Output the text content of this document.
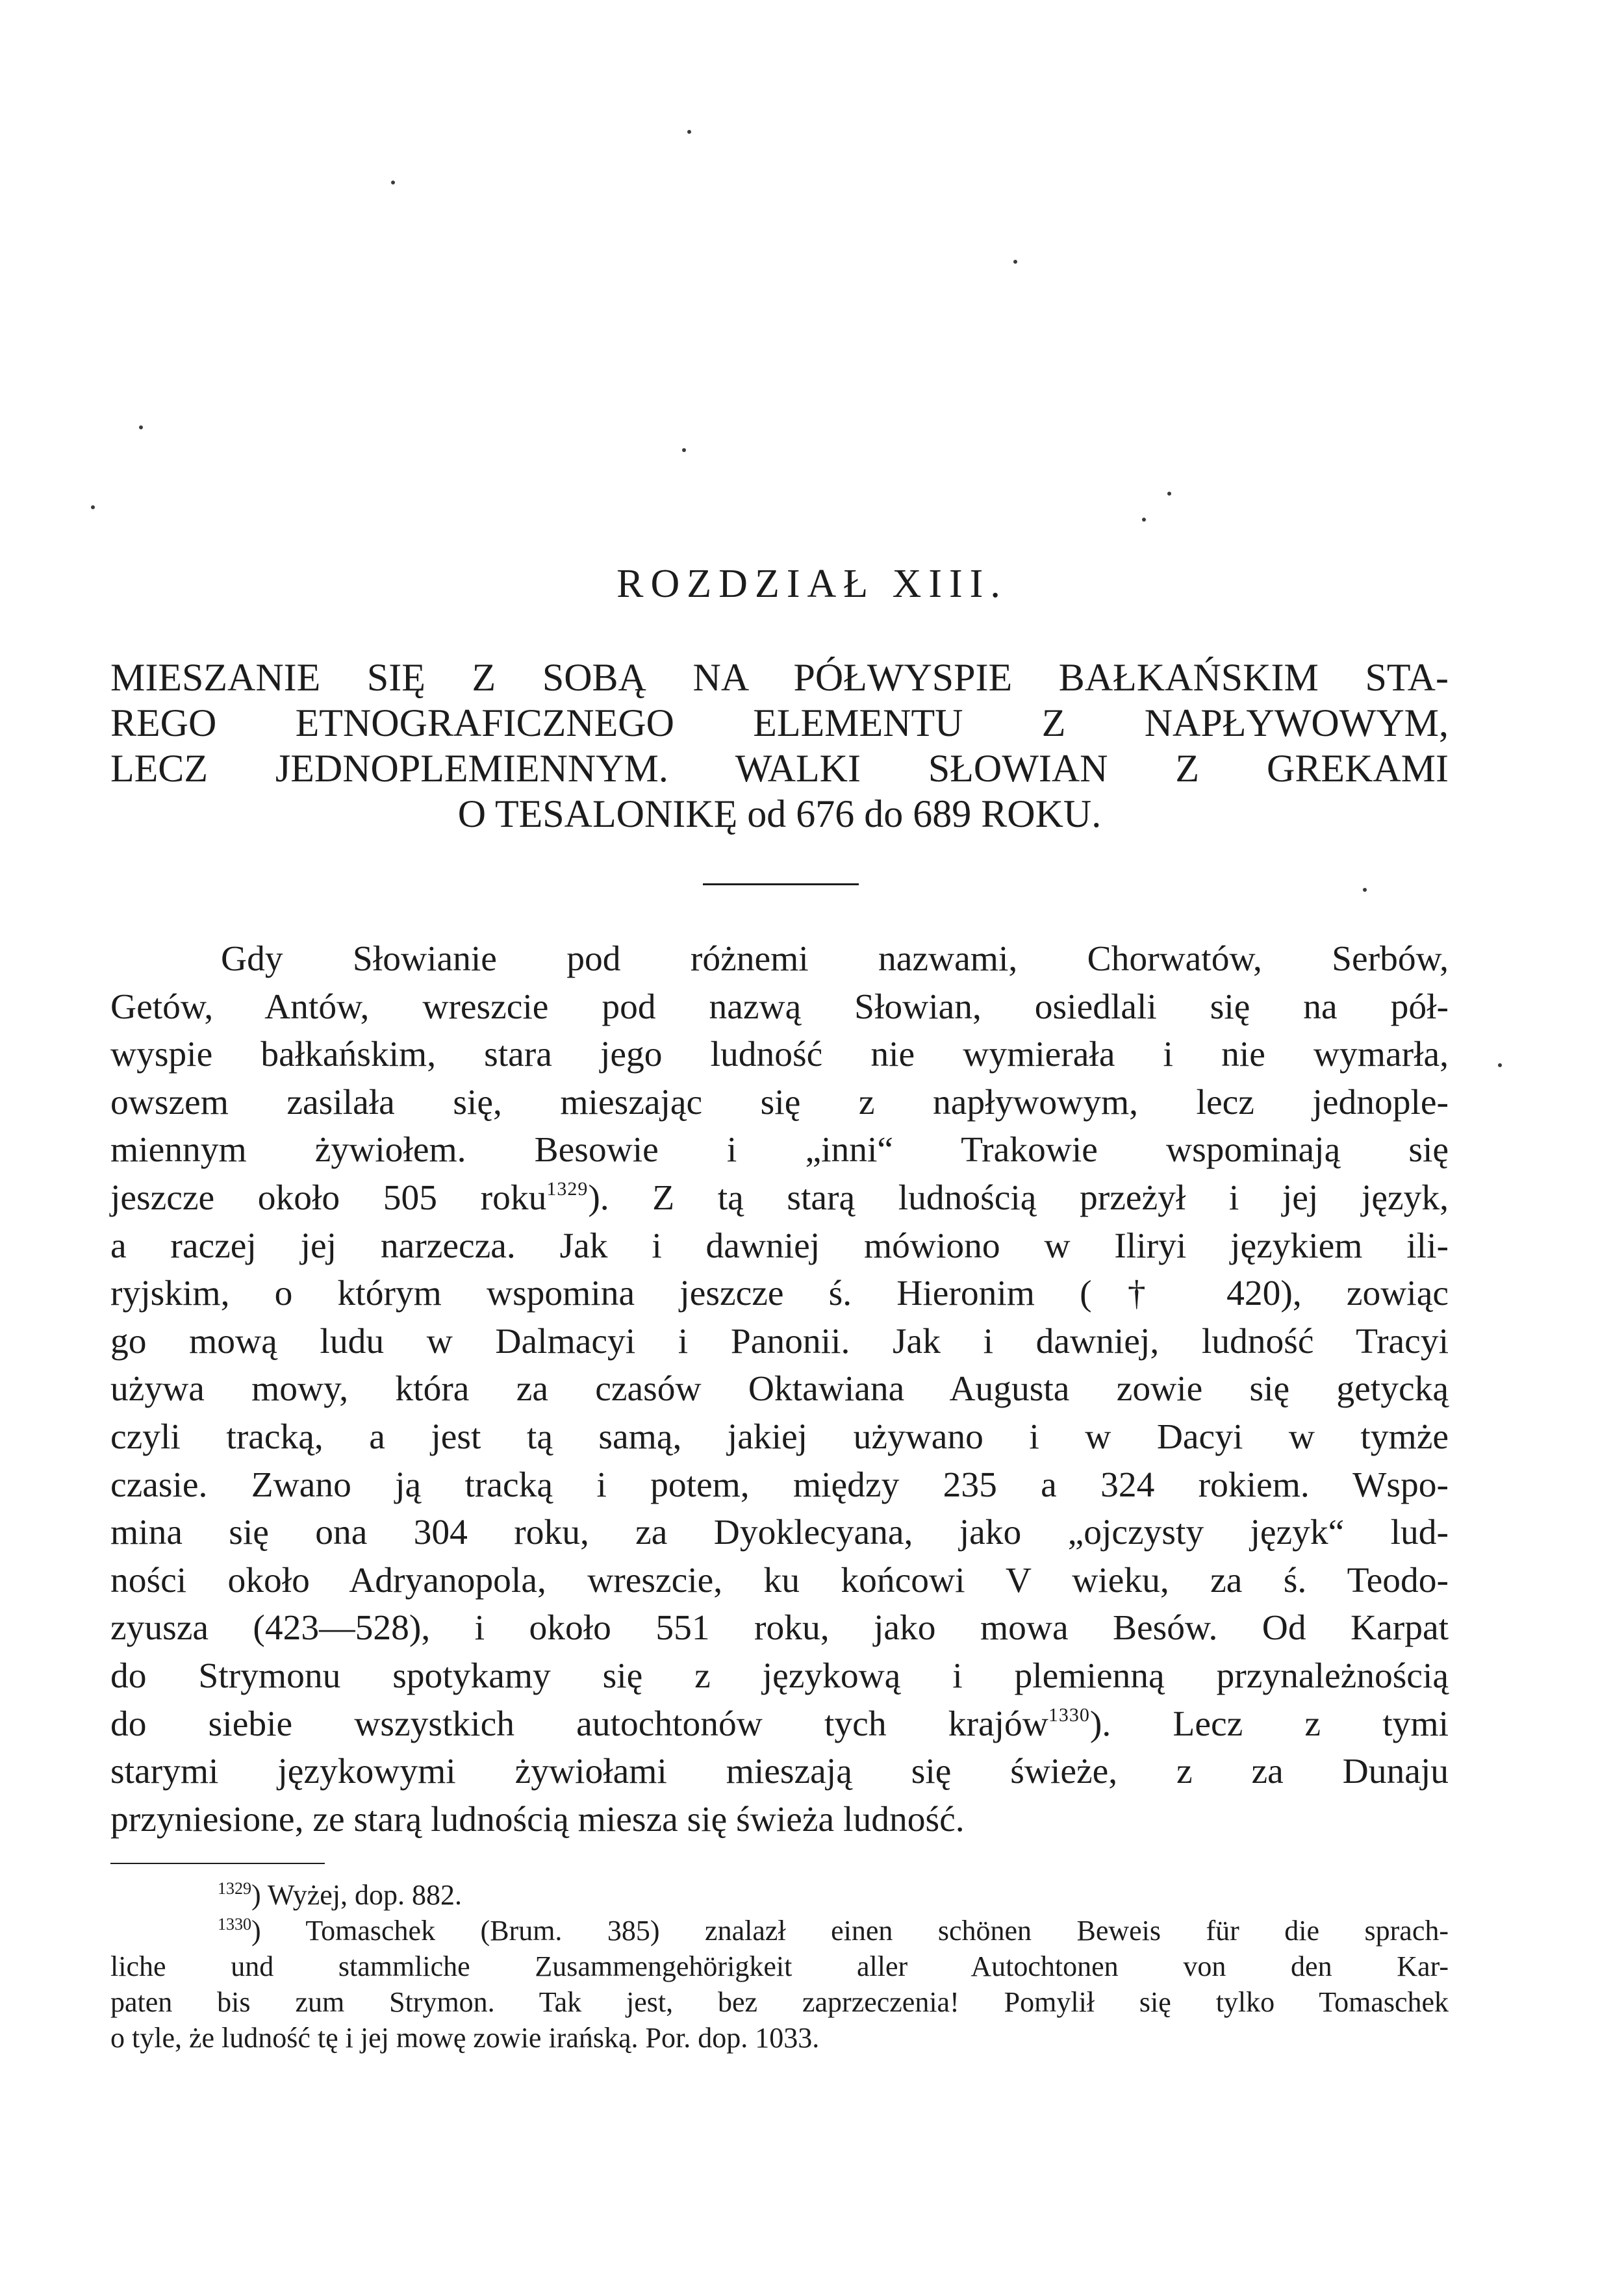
ROZDZIAŁ XIII.
MIESZANIE SIĘ Z SOBĄ NA PÓŁWYSPIE BAŁKAŃSKIM STA-
REGO ETNOGRAFICZNEGO ELEMENTU Z NAPŁYWOWYM,
LECZ JEDNOPLEMIENNYM. WALKI SŁOWIAN Z GREKAMI
O TESALONIKĘ od 676 do 689 ROKU.
Gdy Słowianie pod różnemi nazwami, Chorwatów, Serbów,
Getów, Antów, wreszcie pod nazwą Słowian, osiedlali się na pół-
wyspie bałkańskim, stara jego ludność nie wymierała i nie wymarła,
owszem zasilała się, mieszając się z napływowym, lecz jednople-
miennym żywiołem. Besowie i „inni“ Trakowie wspominają się
jeszcze około 505 roku$^{1329}$). Z tą starą ludnością przeżył i jej język,
a raczej jej narzecza. Jak i dawniej mówiono w Iliryi językiem ili-
ryjskim, o którym wspomina jeszcze ś. Hieronim († 420), zowiąc
go mową ludu w Dalmacyi i Panonii. Jak i dawniej, ludność Tracyi
używa mowy, która za czasów Oktawiana Augusta zowie się getycką
czyli tracką, a jest tą samą, jakiej używano i w Dacyi w tymże
czasie. Zwano ją tracką i potem, między 235 a 324 rokiem. Wspo-
mina się ona 304 roku, za Dyoklecyana, jako „ojczysty język“ lud-
ności około Adryanopola, wreszcie, ku końcowi V wieku, za ś. Teodo-
zyusza (423—528), i około 551 roku, jako mowa Besów. Od Karpat
do Strymonu spotykamy się z językową i plemienną przynależnością
do siebie wszystkich autochtonów tych krajów$^{1330}$). Lecz z tymi
starymi językowymi żywiołami mieszają się świeże, z za Dunaju
przyniesione, ze starą ludnością miesza się świeża ludność.
$^{1329}$) Wyżej, dop. 882.
$^{1330}$) Tomaschek (Brum. 385) znalazł einen schönen Beweis für die sprach-
liche und stammliche Zusammengehörigkeit aller Autochtonen von den Kar-
paten bis zum Strymon. Tak jest, bez zaprzeczenia! Pomylił się tylko Tomaschek
o tyle, że ludność tę i jej mowę zowie irańską. Por. dop. 1033.
